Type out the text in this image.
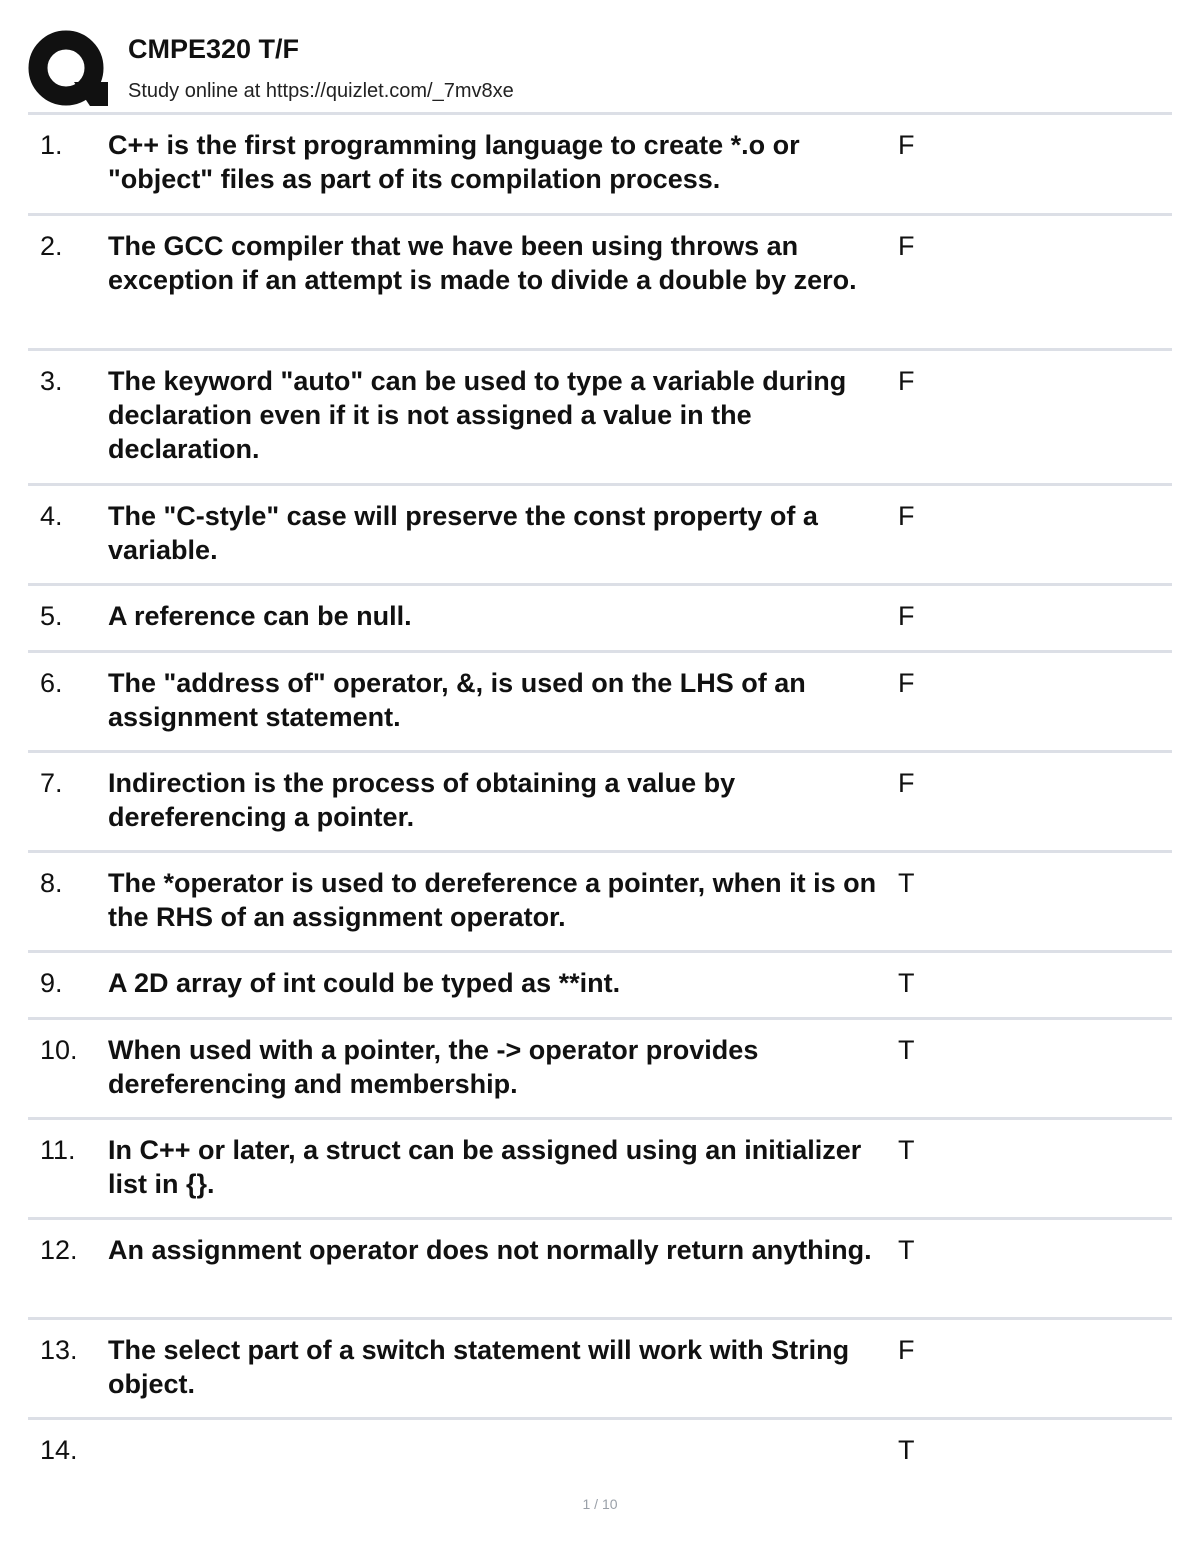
CMPE320 T/F
Study online at https://quizlet.com/_7mv8xe
1. C++ is the first programming language to create *.o or "object" files as part of its compilation process.
F
2. The GCC compiler that we have been using throws an exception if an attempt is made to divide a double by zero.
F
3. The keyword "auto" can be used to type a variable during declaration even if it is not assigned a value in the declaration.
F
4. The "C-style" case will preserve the const property of a variable.
F
5. A reference can be null.	F
6. The "address of" operator, &, is used on the LHS of an assignment statement.
F
7. Indirection is the process of obtaining a value by dereferencing a pointer.
F
8. The *operator is used to dereference a pointer, when it is on the RHS of an assignment operator.
T
9. A 2D array of int could be typed as **int.	T
10. When used with a pointer, the -> operator provides dereferencing and membership.
T
11. In C++ or later, a struct can be assigned using an initializer list in {}.
T
12. An assignment operator does not normally return anything. T
13. The select part of a switch statement will work with String object.
F
14.	T
1 / 10
